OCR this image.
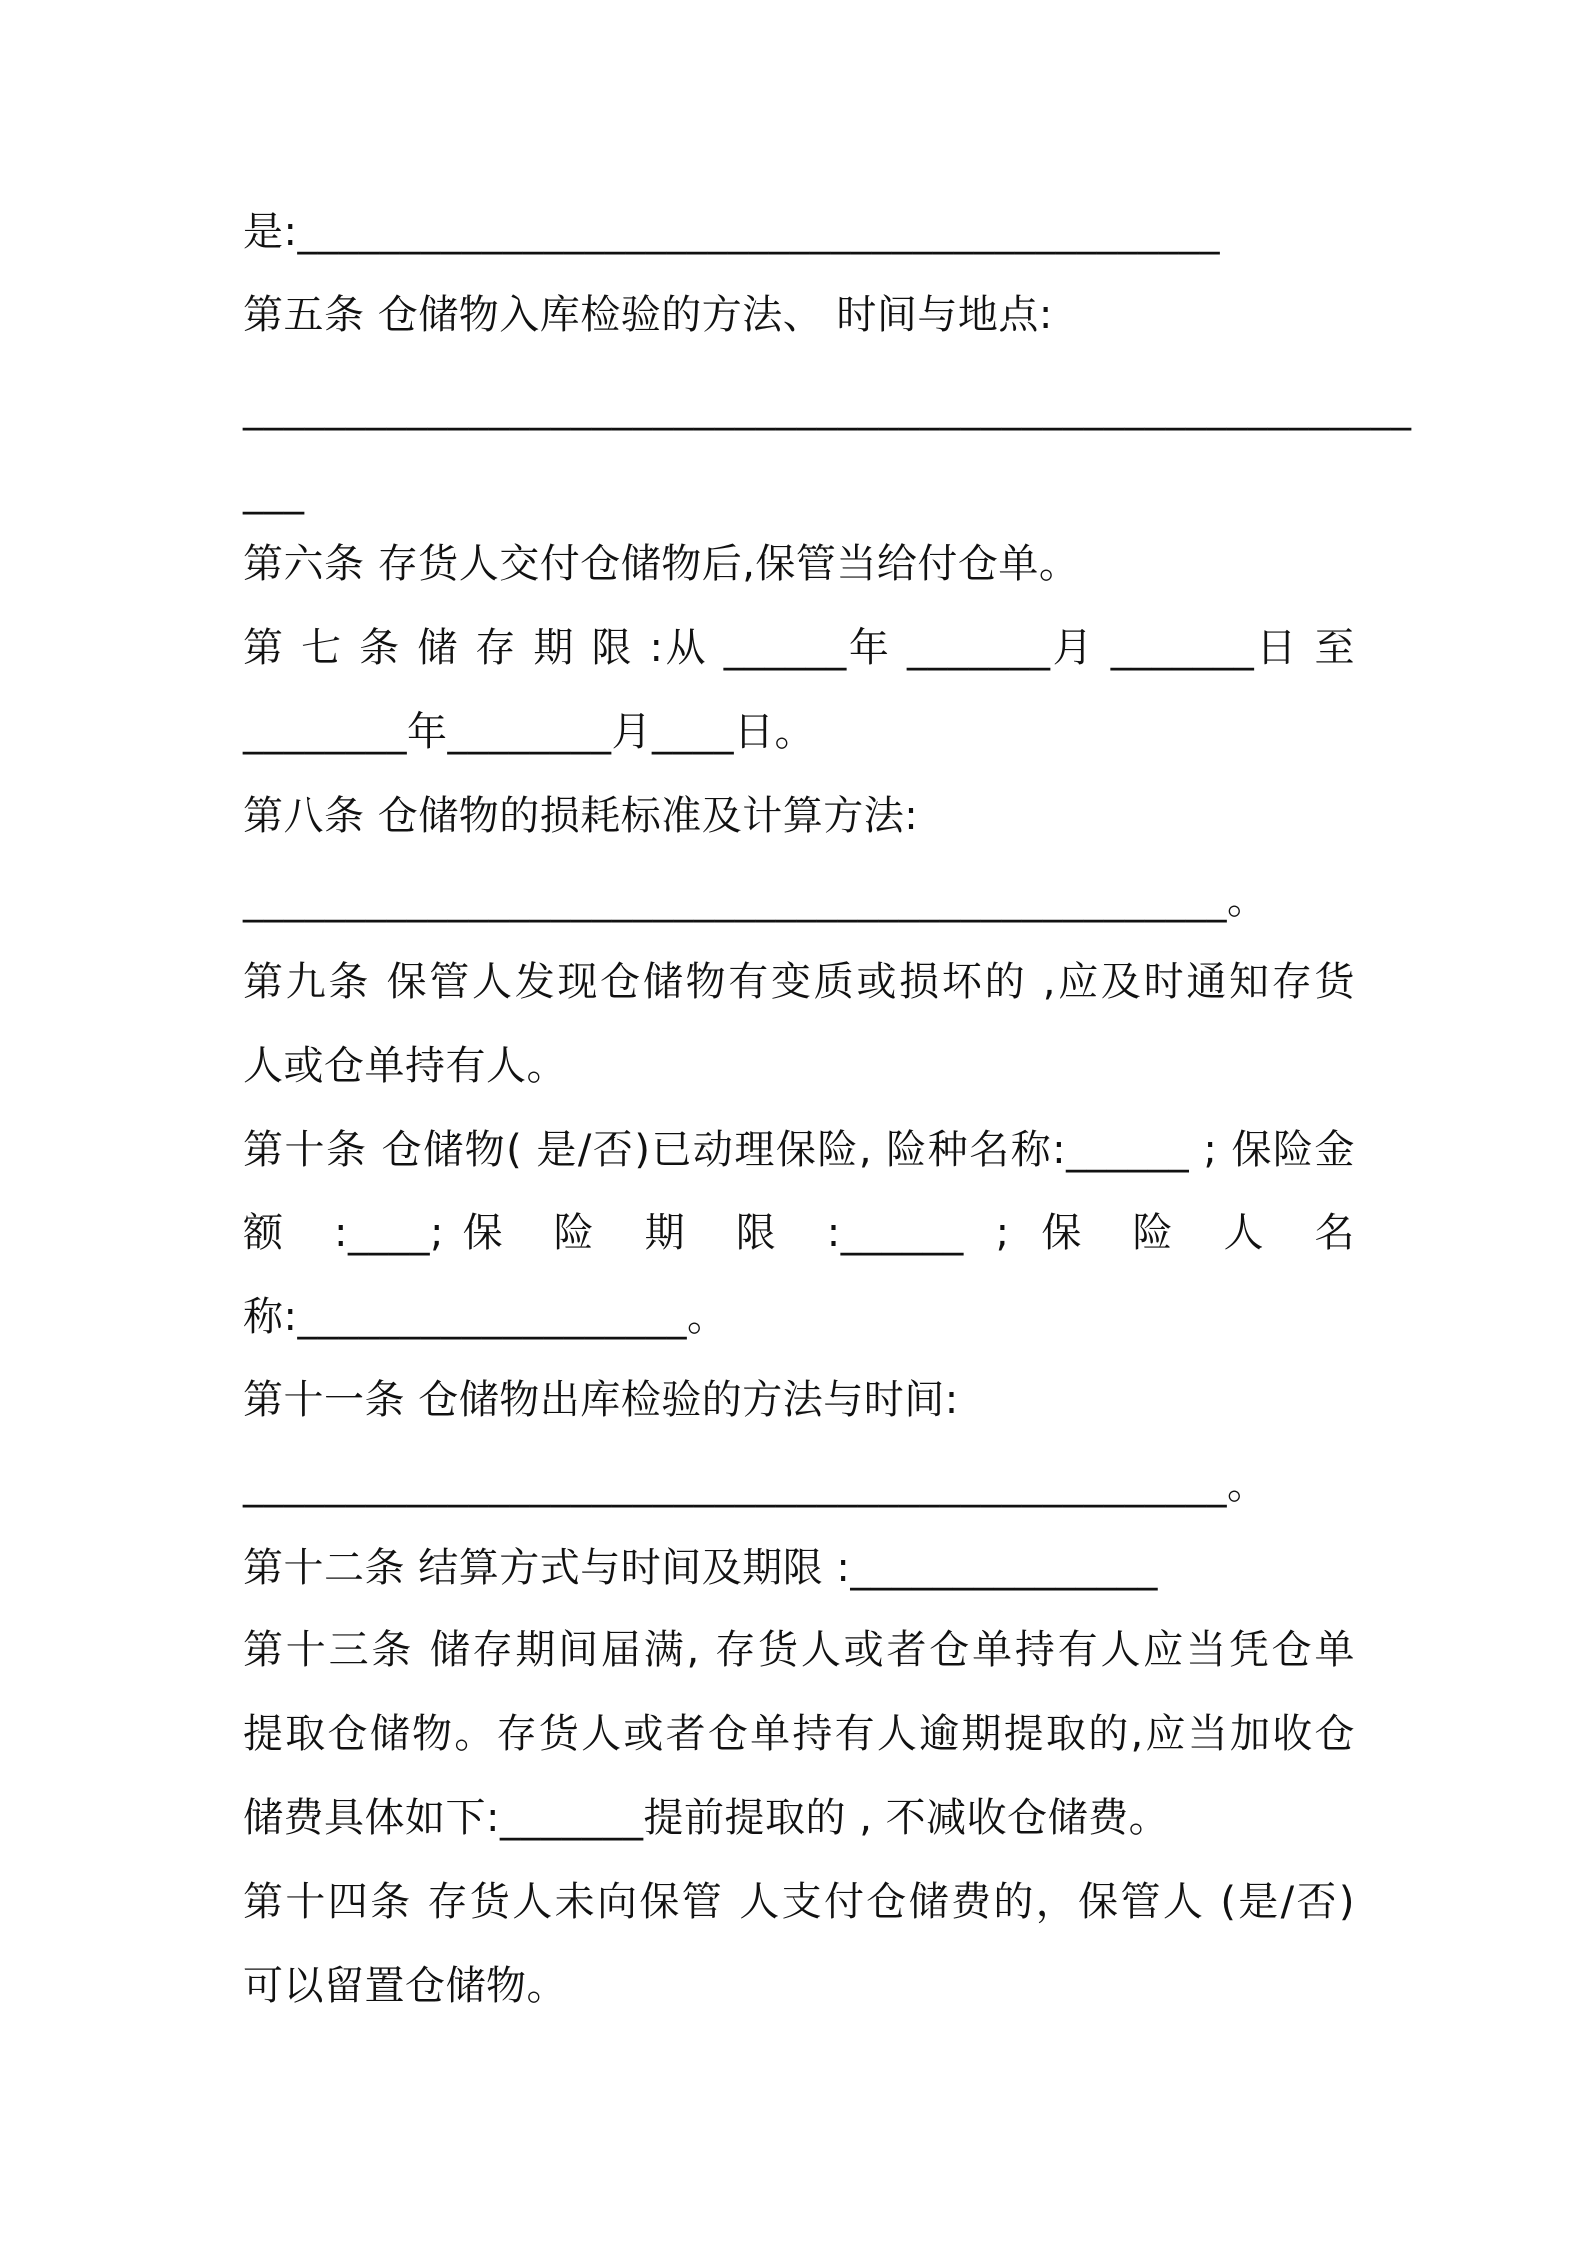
是:_____________________________________________
第五条 仓储物入库检验的方法、 时间与地点:
_________________________________________________________
___
第六条 存货人交付仓储物后,保管当给付仓单。
第 七 条 储 存 期 限 :从 ______年 _______月 _______日 至
________年________月____日。
第八条 仓储物的损耗标准及计算方法:
________________________________________________。
第九条 保管人发现仓储物有变质或损坏的 ,应及时通知存货
人或仓单持有人。
第十条 仓储物( 是/否)已动理保险, 险种名称:______ ; 保险金
额 :____;保 险 期 限 :______ ; 保 险 人 名
称:___________________。
第十一条 仓储物出库检验的方法与时间:
________________________________________________。
第十二条 结算方式与时间及期限 :_______________
第十三条 储存期间届满, 存货人或者仓单持有人应当凭仓单
提取仓储物。存货人或者仓单持有人逾期提取的,应当加收仓
储费具体如下:_______提前提取的 , 不减收仓储费。
第十四条 存货人未向保管 人支付仓储费的，保管人 (是/否)
可以留置仓储物。
